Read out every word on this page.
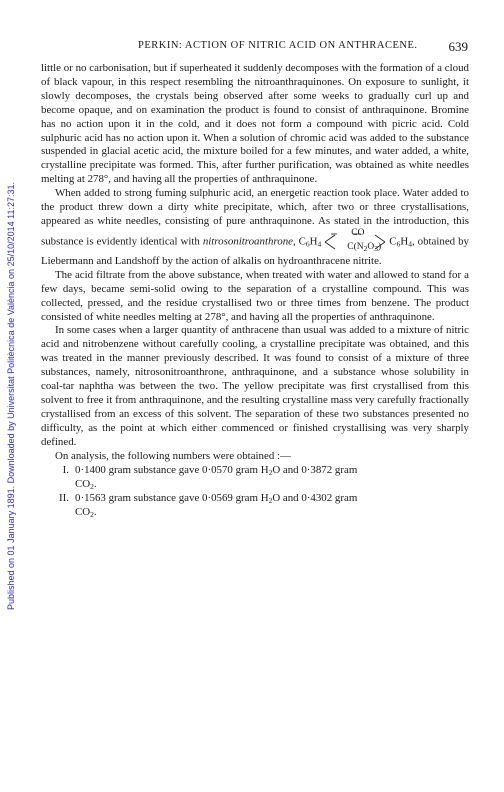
Published on 01 January 1891. Downloaded by Universitat Politècnica de València on 25/10/2014 11:27:31.
PERKIN: ACTION OF NITRIC ACID ON ANTHRACENE. 639

little or no carbonisation, but if superheated it suddenly decomposes with the formation of a cloud of black vapour, in this respect resembling the nitroanthraquinones. On exposure to sunlight, it slowly decomposes, the crystals being observed after some weeks to gradually curl up and become opaque, and on examination the product is found to consist of anthraquinone. Bromine has no action upon it in the cold, and it does not form a compound with picric acid. Cold sulphuric acid has no action upon it. When a solution of chromic acid was added to the substance suspended in glacial acetic acid, the mixture boiled for a few minutes, and water added, a white, crystalline precipitate was formed. This, after further purification, was obtained as white needles melting at 278°, and having all the properties of anthraquinone.

When added to strong fuming sulphuric acid, an energetic reaction took place. Water added to the product threw down a dirty white precipitate, which, after two or three crystallisations, appeared as white needles, consisting of pure anthraquinone. As stated in the introduction, this substance is evidently identical with nitrosonitroanthrone, $C_6H_4$
CO
$C(N_2O_3)$ $C_6H_4$, obtained by Liebermann and Landshoff by the action of alkalis on hydroanthracene nitrite.

The acid filtrate from the above substance, when treated with water and allowed to stand for a few days, became semi-solid owing to the separation of a crystalline compound. This was collected, pressed, and the residue crystallised two or three times from benzene. The product consisted of white needles melting at 278°, and having all the properties of anthraquinone.

In some cases when a larger quantity of anthracene than usual was added to a mixture of nitric acid and nitrobenzene without carefully cooling, a crystalline precipitate was obtained, and this was treated in the manner previously described. It was found to consist of a mixture of three substances, namely, nitrosonitroanthrone, anthraquinone, and a substance whose solubility in coal-tar naphtha was between the two. The yellow precipitate was first crystallised from this solvent to free it from anthraquinone, and the resulting crystalline mass very carefully fractionally crystallised from an excess of this solvent. The separation of these two substances presented no difficulty, as the point at which either commenced or finished crystallising was very sharply defined.

On analysis, the following numbers were obtained :—

I. 0·1400 gram substance gave 0·0570 gram $H_2O$ and 0·3872 gram
$CO_2$.
II. 0·1563 gram substance gave 0·0569 gram $H_2O$ and 0·4302 gram
$CO_2$.
